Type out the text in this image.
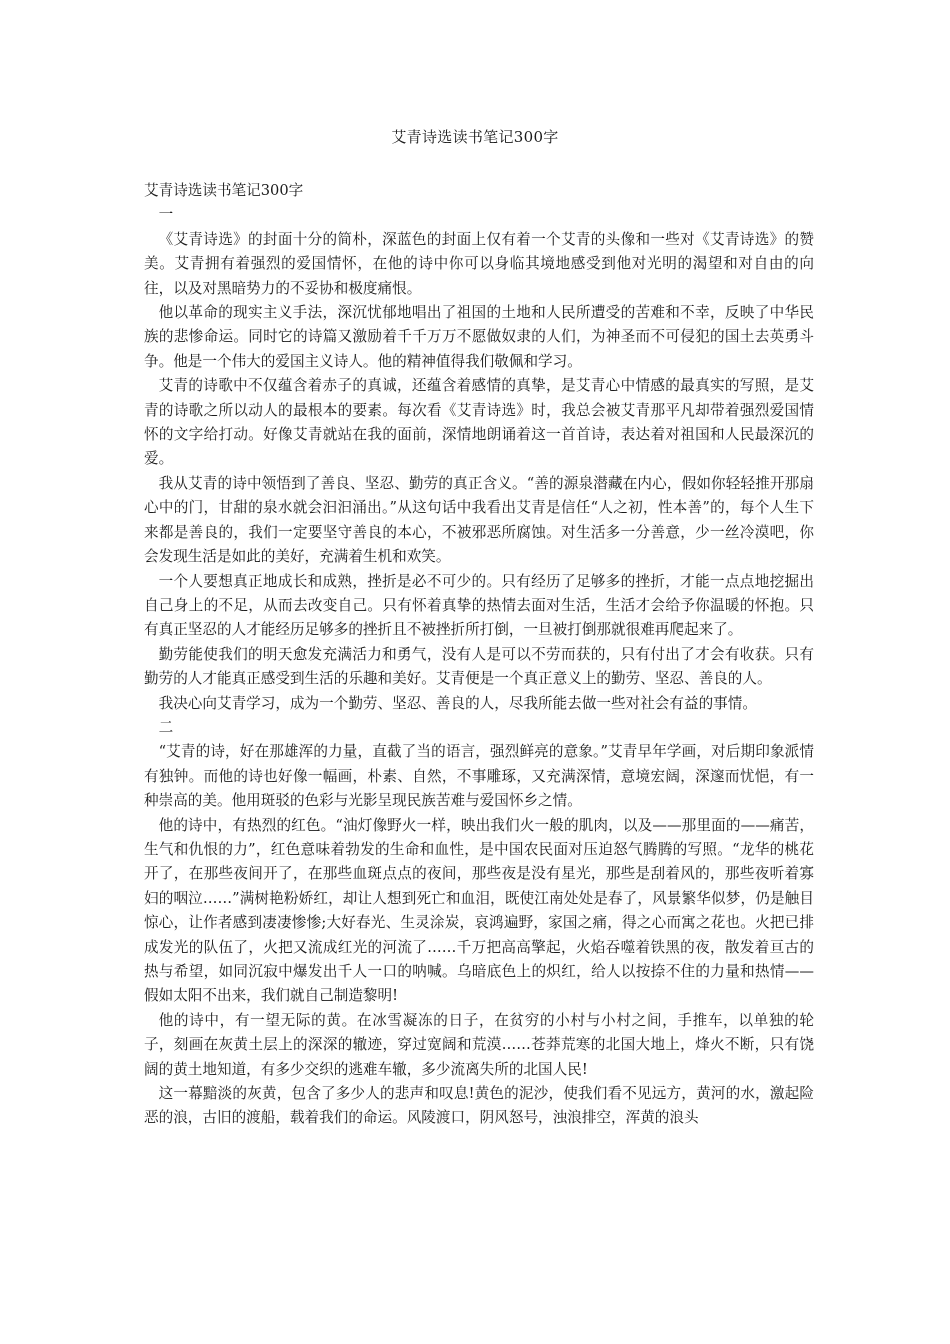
艾青诗选读书笔记300字

艾青诗选读书笔记300字

一

《艾青诗选》的封面十分的简朴，深蓝色的封面上仅有着一个艾青的头像和一些对《艾青诗选》的赞美。艾青拥有着强烈的爱国情怀，在他的诗中你可以身临其境地感受到他对光明的渴望和对自由的向往，以及对黑暗势力的不妥协和极度痛恨。

他以革命的现实主义手法，深沉忧郁地唱出了祖国的土地和人民所遭受的苦难和不幸，反映了中华民族的悲惨命运。同时它的诗篇又激励着千千万万不愿做奴隶的人们，为神圣而不可侵犯的国土去英勇斗争。他是一个伟大的爱国主义诗人。他的精神值得我们敬佩和学习。

艾青的诗歌中不仅蕴含着赤子的真诚，还蕴含着感情的真挚，是艾青心中情感的最真实的写照，是艾青的诗歌之所以动人的最根本的要素。每次看《艾青诗选》时，我总会被艾青那平凡却带着强烈爱国情怀的文字给打动。好像艾青就站在我的面前，深情地朗诵着这一首首诗，表达着对祖国和人民最深沉的爱。

我从艾青的诗中领悟到了善良、坚忍、勤劳的真正含义。“善的源泉潜藏在内心，假如你轻轻推开那扇心中的门，甘甜的泉水就会汩汩涌出。”从这句话中我看出艾青是信任“人之初，性本善”的，每个人生下来都是善良的，我们一定要坚守善良的本心，不被邪恶所腐蚀。对生活多一分善意，少一丝冷漠吧，你会发现生活是如此的美好，充满着生机和欢笑。

一个人要想真正地成长和成熟，挫折是必不可少的。只有经历了足够多的挫折，才能一点点地挖掘出自己身上的不足，从而去改变自己。只有怀着真挚的热情去面对生活，生活才会给予你温暖的怀抱。只有真正坚忍的人才能经历足够多的挫折且不被挫折所打倒，一旦被打倒那就很难再爬起来了。

勤劳能使我们的明天愈发充满活力和勇气，没有人是可以不劳而获的，只有付出了才会有收获。只有勤劳的人才能真正感受到生活的乐趣和美好。艾青便是一个真正意义上的勤劳、坚忍、善良的人。

我决心向艾青学习，成为一个勤劳、坚忍、善良的人，尽我所能去做一些对社会有益的事情。

二

“艾青的诗，好在那雄浑的力量，直截了当的语言，强烈鲜亮的意象。”艾青早年学画，对后期印象派情有独钟。而他的诗也好像一幅画，朴素、自然，不事雕琢，又充满深情，意境宏阔，深邃而忧悒，有一种崇高的美。他用斑驳的色彩与光影呈现民族苦难与爱国怀乡之情。

他的诗中，有热烈的红色。“油灯像野火一样，映出我们火一般的肌肉，以及——那里面的——痛苦，生气和仇恨的力”，红色意味着勃发的生命和血性，是中国农民面对压迫怒气腾腾的写照。“龙华的桃花开了，在那些夜间开了，在那些血斑点点的夜间，那些夜是没有星光，那些是刮着风的，那些夜听着寡妇的咽泣……”满树艳粉娇红，却让人想到死亡和血泪，既使江南处处是春了，风景繁华似梦，仍是触目惊心，让作者感到凄凄惨惨;大好春光、生灵涂炭，哀鸿遍野，家国之痛，得之心而寓之花也。火把已排成发光的队伍了，火把又流成红光的河流了……千万把高高擎起，火焰吞噬着铁黑的夜，散发着亘古的热与希望，如同沉寂中爆发出千人一口的呐喊。乌暗底色上的炽红，给人以按捺不住的力量和热情——假如太阳不出来，我们就自己制造黎明!

他的诗中，有一望无际的黄。在冰雪凝冻的日子，在贫穷的小村与小村之间，手推车，以单独的轮子，刻画在灰黄土层上的深深的辙迹，穿过宽阔和荒漠……苍莽荒寒的北国大地上，烽火不断，只有饶阔的黄土地知道，有多少交织的逃难车辙，多少流离失所的北国人民!

这一幕黯淡的灰黄，包含了多少人的悲声和叹息!黄色的泥沙，使我们看不见远方，黄河的水，激起险恶的浪，古旧的渡船，载着我们的命运。风陵渡口，阴风怒号，浊浪排空，浑黄的浪头
